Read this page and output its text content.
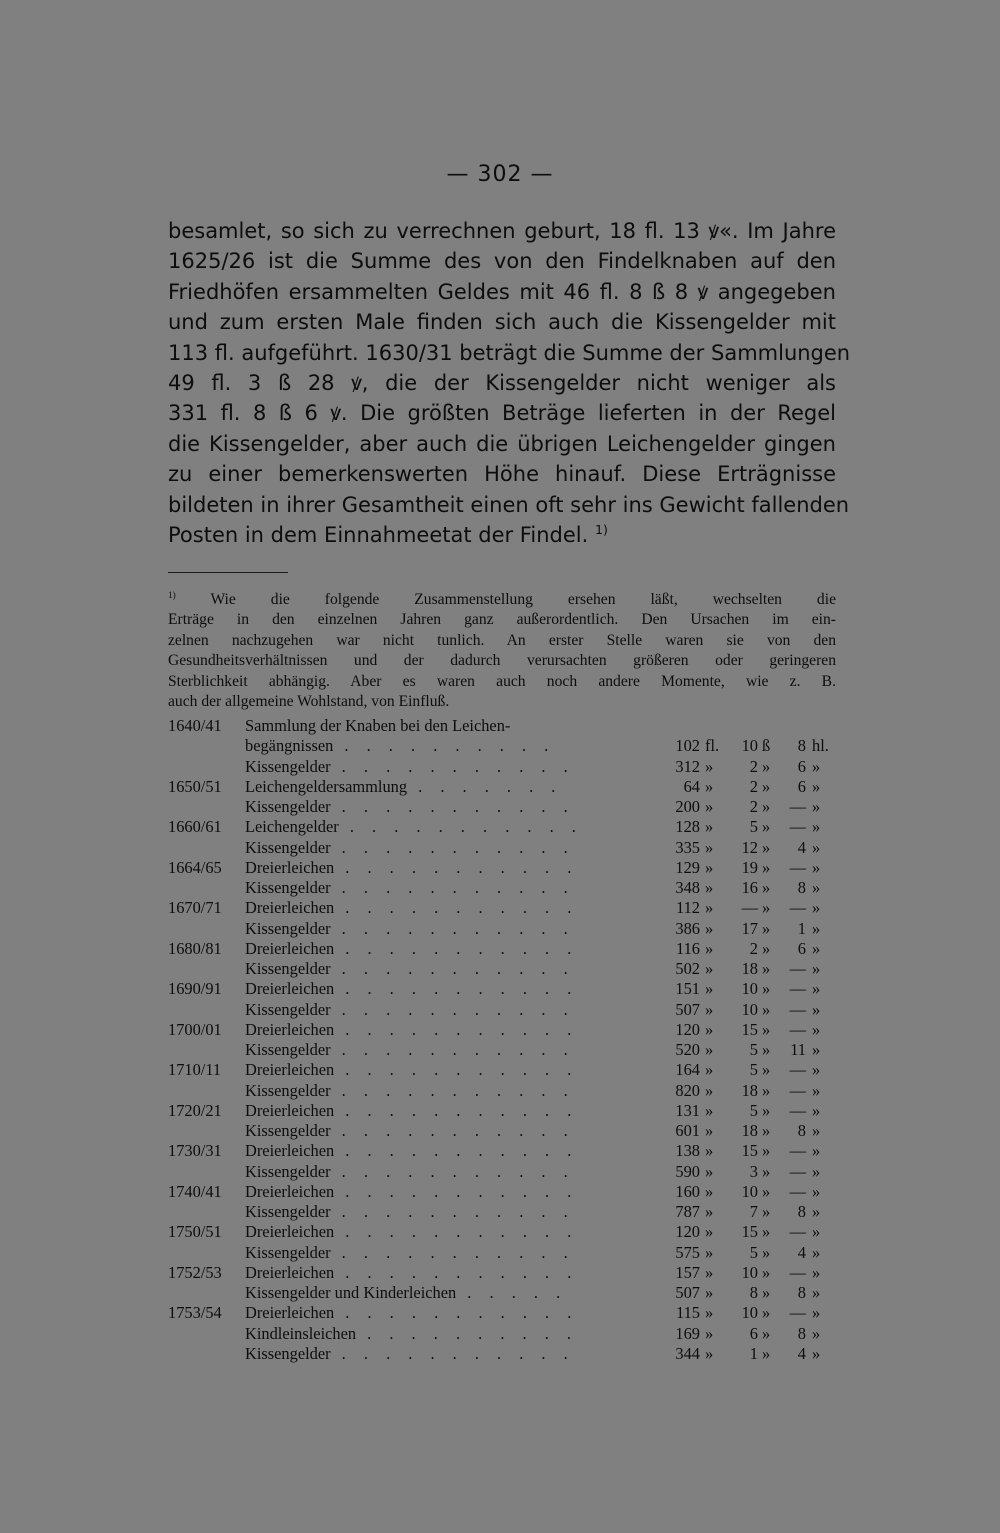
— 302 —
besamlet, so sich zu verrechnen geburt, 18 fl. 13 ꝟ«. Im Jahre
1625/26 ist die Summe des von den Findelknaben auf den
Friedhöfen ersammelten Geldes mit 46 fl. 8 ß 8 ꝟ angegeben
und zum ersten Male finden sich auch die Kissengelder mit
113 fl. aufgeführt. 1630/31 beträgt die Summe der Sammlungen
49 fl. 3 ß 28 ꝟ, die der Kissengelder nicht weniger als
331 fl. 8 ß 6 ꝟ. Die größten Beträge lieferten in der Regel
die Kissengelder, aber auch die übrigen Leichengelder gingen
zu einer bemerkenswerten Höhe hinauf. Diese Erträgnisse
bildeten in ihrer Gesamtheit einen oft sehr ins Gewicht fallenden
Posten in dem Einnahmeetat der Findel. $^{1)}$
$^{1)}$ Wie die folgende Zusammenstellung ersehen läßt, wechselten die
Erträge in den einzelnen Jahren ganz außerordentlich. Den Ursachen im ein-
zelnen nachzugehen war nicht tunlich. An erster Stelle waren sie von den
Gesundheitsverhältnissen und der dadurch verursachten größeren oder geringeren
Sterblichkeit abhängig. Aber es waren auch noch andere Momente, wie z. B.
auch der allgemeine Wohlstand, von Einfluß.
1640/41	Sammlung der Knaben bei den Leichen-
begängnissen . . . . . . . . . .	102 fl.	10 ß	8 hl.
Kissengelder . . . . . . . . . . .	312 »	2 »	6 »
1650/51	Leichengeldersammlung . . . . . . .	64 »	2 »	6 »
Kissengelder . . . . . . . . . . .	200 »	2 »	— »
1660/61	Leichengelder . . . . . . . . . . .	128 »	5 »	— »
Kissengelder . . . . . . . . . . .	335 »	12 »	4 »
1664/65	Dreierleichen . . . . . . . . . . .	129 »	19 »	— »
Kissengelder . . . . . . . . . . .	348 »	16 »	8 »
1670/71	Dreierleichen . . . . . . . . . . .	112 »	— »	— »
Kissengelder . . . . . . . . . . .	386 »	17 »	1 »
1680/81	Dreierleichen . . . . . . . . . . .	116 »	2 »	6 »
Kissengelder . . . . . . . . . . .	502 »	18 »	— »
1690/91	Dreierleichen . . . . . . . . . . .	151 »	10 »	— »
Kissengelder . . . . . . . . . . .	507 »	10 »	— »
1700/01	Dreierleichen . . . . . . . . . . .	120 »	15 »	— »
Kissengelder . . . . . . . . . . .	520 »	5 »	11 »
1710/11	Dreierleichen . . . . . . . . . . .	164 »	5 »	— »
Kissengelder . . . . . . . . . . .	820 »	18 »	— »
1720/21	Dreierleichen . . . . . . . . . . .	131 »	5 »	— »
Kissengelder . . . . . . . . . . .	601 »	18 »	8 »
1730/31	Dreierleichen . . . . . . . . . . .	138 »	15 »	— »
Kissengelder . . . . . . . . . . .	590 »	3 »	— »
1740/41	Dreierleichen . . . . . . . . . . .	160 »	10 »	— »
Kissengelder . . . . . . . . . . .	787 »	7 »	8 »
1750/51	Dreierleichen . . . . . . . . . . .	120 »	15 »	— »
Kissengelder . . . . . . . . . . .	575 »	5 »	4 »
1752/53	Dreierleichen . . . . . . . . . . .	157 »	10 »	— »
Kissengelder und Kinderleichen . . . . .	507 »	8 »	8 »
1753/54	Dreierleichen . . . . . . . . . . .	115 »	10 »	— »
Kindleinsleichen . . . . . . . . . .	169 »	6 »	8 »
Kissengelder . . . . . . . . . . .	344 »	1 »	4 »
